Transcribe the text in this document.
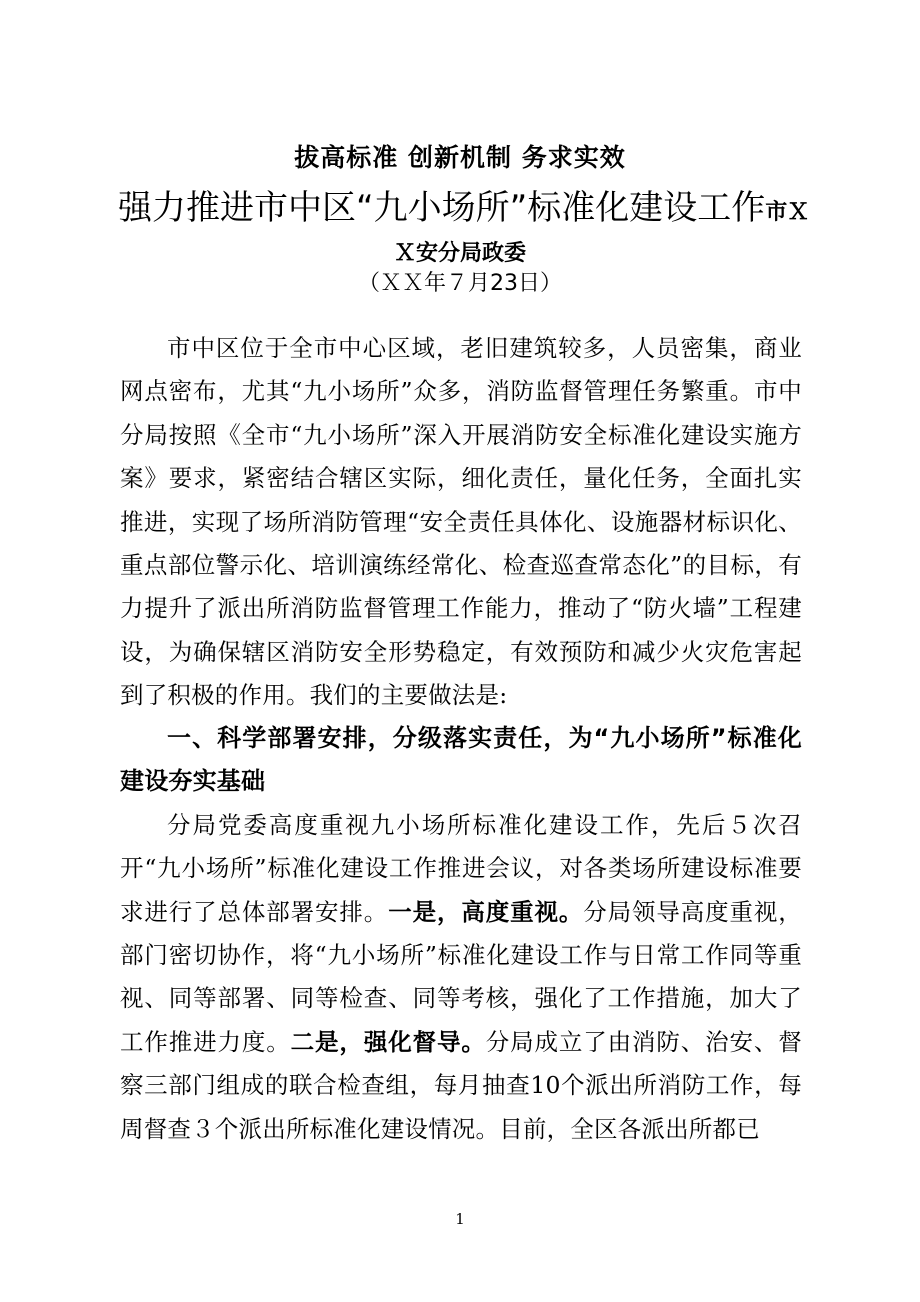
拔高标准 创新机制 务求实效
强力推进市中区“九小场所”标准化建设工作市Ｘ
Ｘ安分局政委
（ＸＸ年７月23日）

市中区位于全市中心区域，老旧建筑较多，人员密集，商业网点密布，尤其“九小场所”众多，消防监督管理任务繁重。市中分局按照《全市“九小场所”深入开展消防安全标准化建设实施方案》要求，紧密结合辖区实际，细化责任，量化任务，全面扎实推进，实现了场所消防管理“安全责任具体化、设施器材标识化、重点部位警示化、培训演练经常化、检查巡查常态化”的目标，有力提升了派出所消防监督管理工作能力，推动了“防火墙”工程建设，为确保辖区消防安全形势稳定，有效预防和减少火灾危害起到了积极的作用。我们的主要做法是:

一、科学部署安排，分级落实责任，为“九小场所”标准化建设夯实基础

分局党委高度重视九小场所标准化建设工作，先后５次召开“九小场所”标准化建设工作推进会议，对各类场所建设标准要求进行了总体部署安排。一是，高度重视。分局领导高度重视，部门密切协作，将“九小场所”标准化建设工作与日常工作同等重视、同等部署、同等检查、同等考核，强化了工作措施，加大了工作推进力度。二是，强化督导。分局成立了由消防、治安、督察三部门组成的联合检查组，每月抽查10个派出所消防工作，每周督查３个派出所标准化建设情况。目前，全区各派出所都已

1
